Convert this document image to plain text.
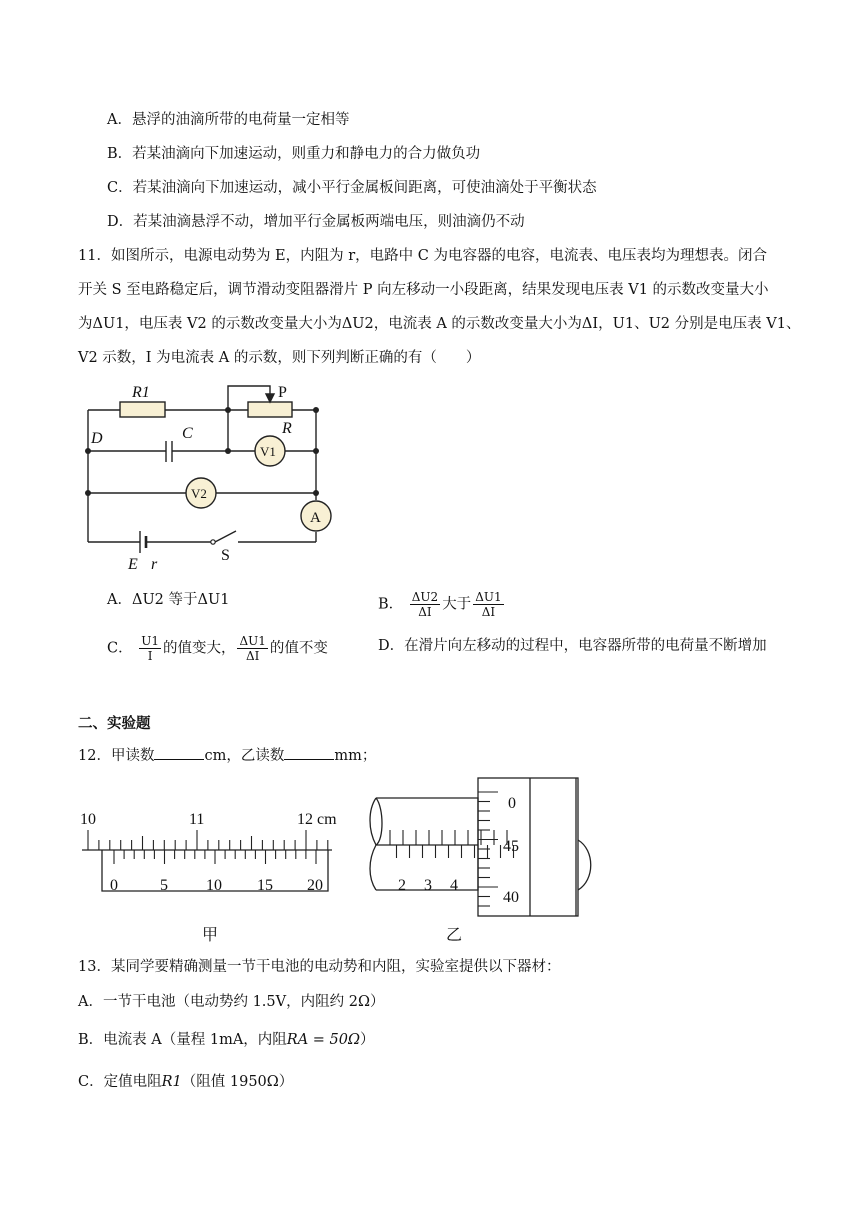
A．悬浮的油滴所带的电荷量一定相等
B．若某油滴向下加速运动，则重力和静电力的合力做负功
C．若某油滴向下加速运动，减小平行金属板间距离，可使油滴处于平衡状态
D．若某油滴悬浮不动，增加平行金属板两端电压，则油滴仍不动
11．如图所示，电源电动势为 E，内阻为 r，电路中 C 为电容器的电容，电流表、电压表均为理想表。闭合
开关 S 至电路稳定后，调节滑动变阻器滑片 P 向左移动一小段距离，结果发现电压表 V1 的示数改变量大小
为ΔU1，电压表 V2 的示数改变量大小为ΔU2，电流表 A 的示数改变量大小为ΔI，U1、U2 分别是电压表 V1、
V2 示数，I 为电流表 A 的示数，则下列判断正确的有（　　）
R1	P
R
D	C
V1
V2
A
E r
S
A．ΔU2 等于ΔU1	B． $\frac{\Delta U2}{\Delta I}$ 大于 $\frac{\Delta U1}{\Delta I}$
C． $\frac{U1}{I}$ 的值变大， $\frac{\Delta U1}{\Delta I}$ 的值不变	D．在滑片向左移动的过程中，电容器所带的电荷量不断增加
二、实验题
12．甲读数	cm，乙读数	mm；
10	11	12 cm
0	5 10 15 20
甲
2 3 4
0
45
40
乙
13．某同学要精确测量一节干电池的电动势和内阻，实验室提供以下器材：
A．一节干电池（电动势约 1.5V，内阻约 2Ω）
B．电流表 A（量程 1mA，内阻RA = 50Ω）
C．定值电阻R1（阻值 1950Ω）
